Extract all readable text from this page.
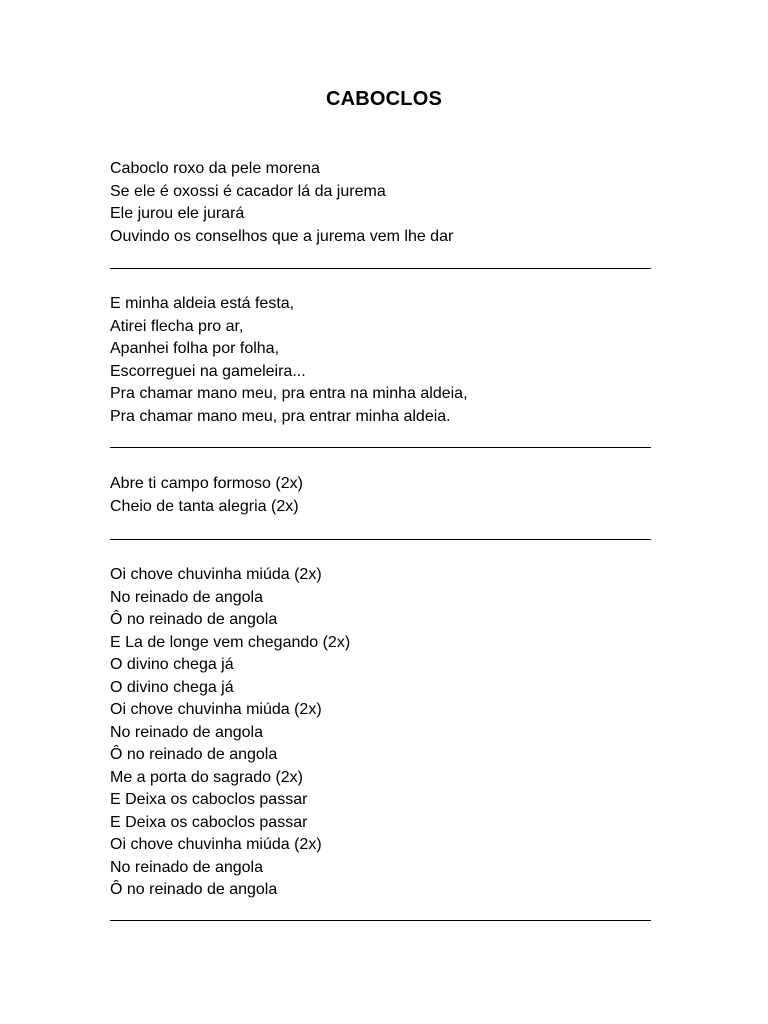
CABOCLOS
Caboclo roxo da pele morena
Se ele é oxossi é cacador lá da jurema
Ele jurou ele jurará
Ouvindo os conselhos que a jurema vem lhe dar
E minha aldeia está festa,
Atirei flecha pro ar,
Apanhei folha por folha,
Escorreguei na gameleira...
Pra chamar mano meu, pra entra na minha aldeia,
Pra chamar mano meu, pra entrar minha aldeia.
Abre ti campo formoso (2x)
Cheio de tanta alegria (2x)
Oi chove chuvinha miúda (2x)
No reinado de angola
Ô no reinado de angola
E La de longe vem chegando (2x)
O divino chega já
O divino chega já
Oi chove chuvinha miúda (2x)
No reinado de angola
Ô no reinado de angola
Me a porta do sagrado (2x)
E Deixa os caboclos passar
E Deixa os caboclos passar
Oi chove chuvinha miúda (2x)
No reinado de angola
Ô no reinado de angola
